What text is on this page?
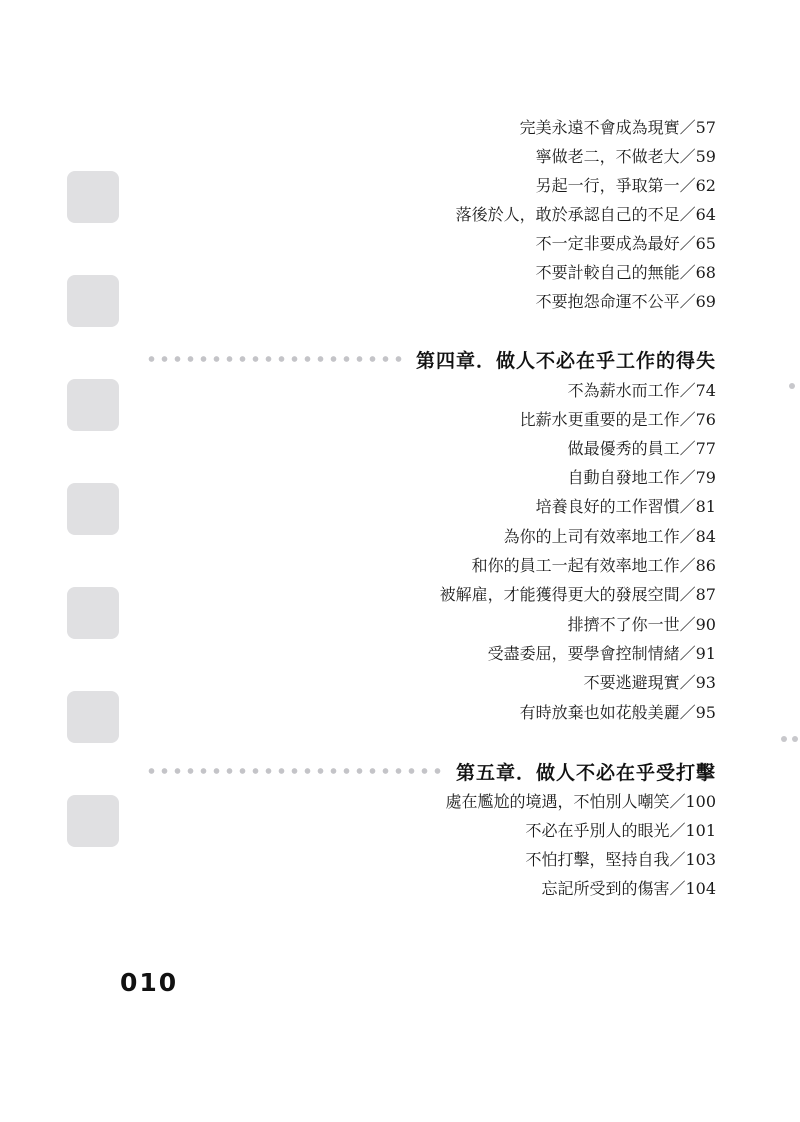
完美永遠不會成為現實／57
寧做老二，不做老大／59
另起一行，爭取第一／62
落後於人，敢於承認自己的不足／64
不一定非要成為最好／65
不要計較自己的無能／68
不要抱怨命運不公平／69
第四章．做人不必在乎工作的得失
不為薪水而工作／74
比薪水更重要的是工作／76
做最優秀的員工／77
自動自發地工作／79
培養良好的工作習慣／81
為你的上司有效率地工作／84
和你的員工一起有效率地工作／86
被解雇，才能獲得更大的發展空間／87
排擠不了你一世／90
受盡委屈，要學會控制情緒／91
不要逃避現實／93
有時放棄也如花般美麗／95
第五章．做人不必在乎受打擊
處在尷尬的境遇，不怕別人嘲笑／100
不必在乎別人的眼光／101
不怕打擊，堅持自我／103
忘記所受到的傷害／104
010
